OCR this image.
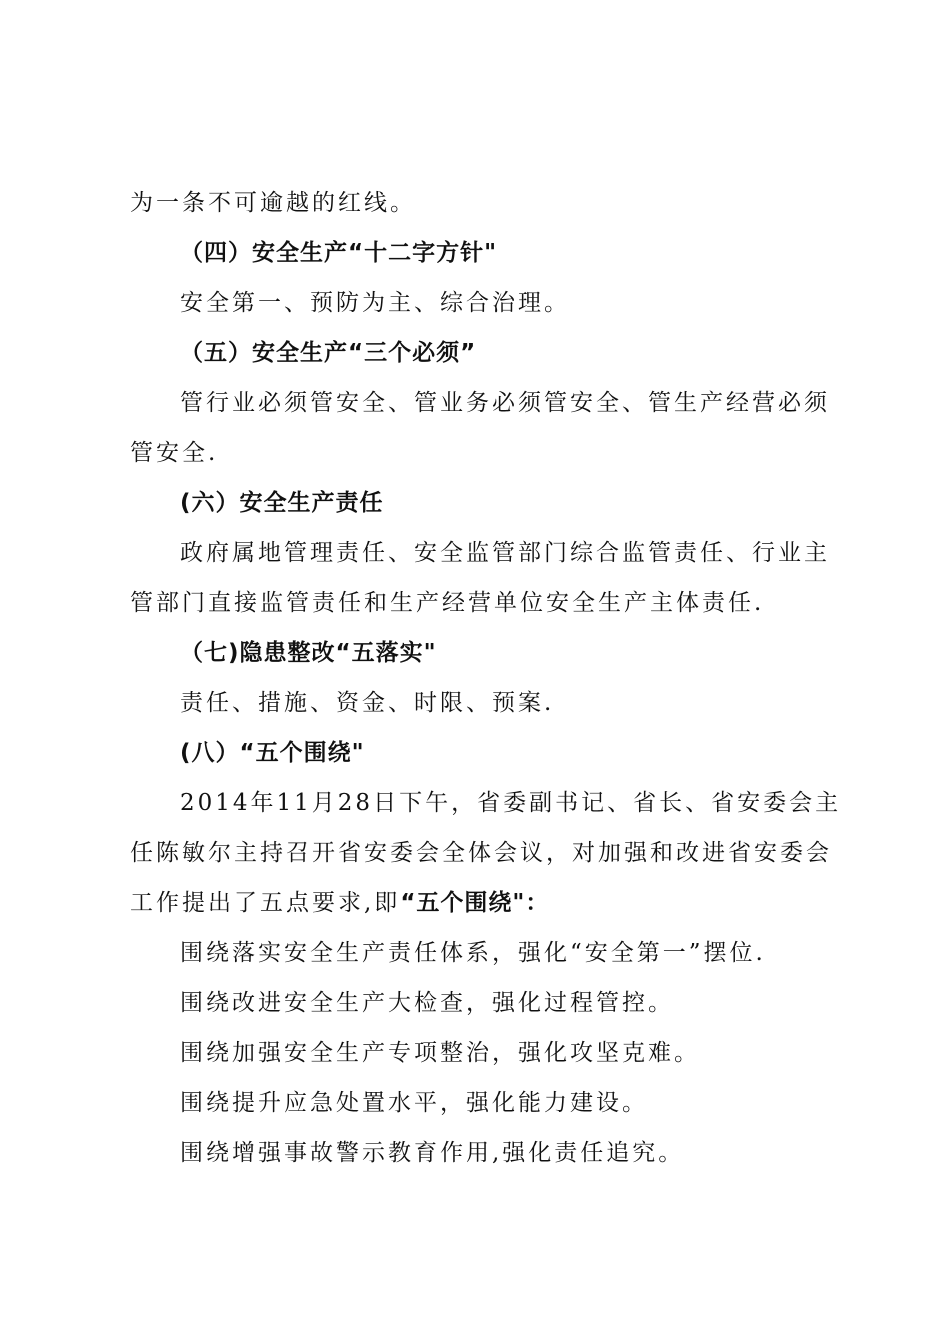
为一条不可逾越的红线。
（四）安全生产“十二字方针"
安全第一、预防为主、综合治理。
（五）安全生产“三个必须”
管行业必须管安全、管业务必须管安全、管生产经营必须
管安全.
(六）安全生产责任
政府属地管理责任、安全监管部门综合监管责任、行业主
管部门直接监管责任和生产经营单位安全生产主体责任.
（七)隐患整改“五落实"
责任、措施、资金、时限、预案.
(八）“五个围绕"
2014年11月28日下午，省委副书记、省长、省安委会主
任陈敏尔主持召开省安委会全体会议，对加强和改进省安委会
工作提出了五点要求,即“五个围绕"：
围绕落实安全生产责任体系，强化“安全第一”摆位.
围绕改进安全生产大检查，强化过程管控。
围绕加强安全生产专项整治，强化攻坚克难。
围绕提升应急处置水平，强化能力建设。
围绕增强事故警示教育作用,强化责任追究。
